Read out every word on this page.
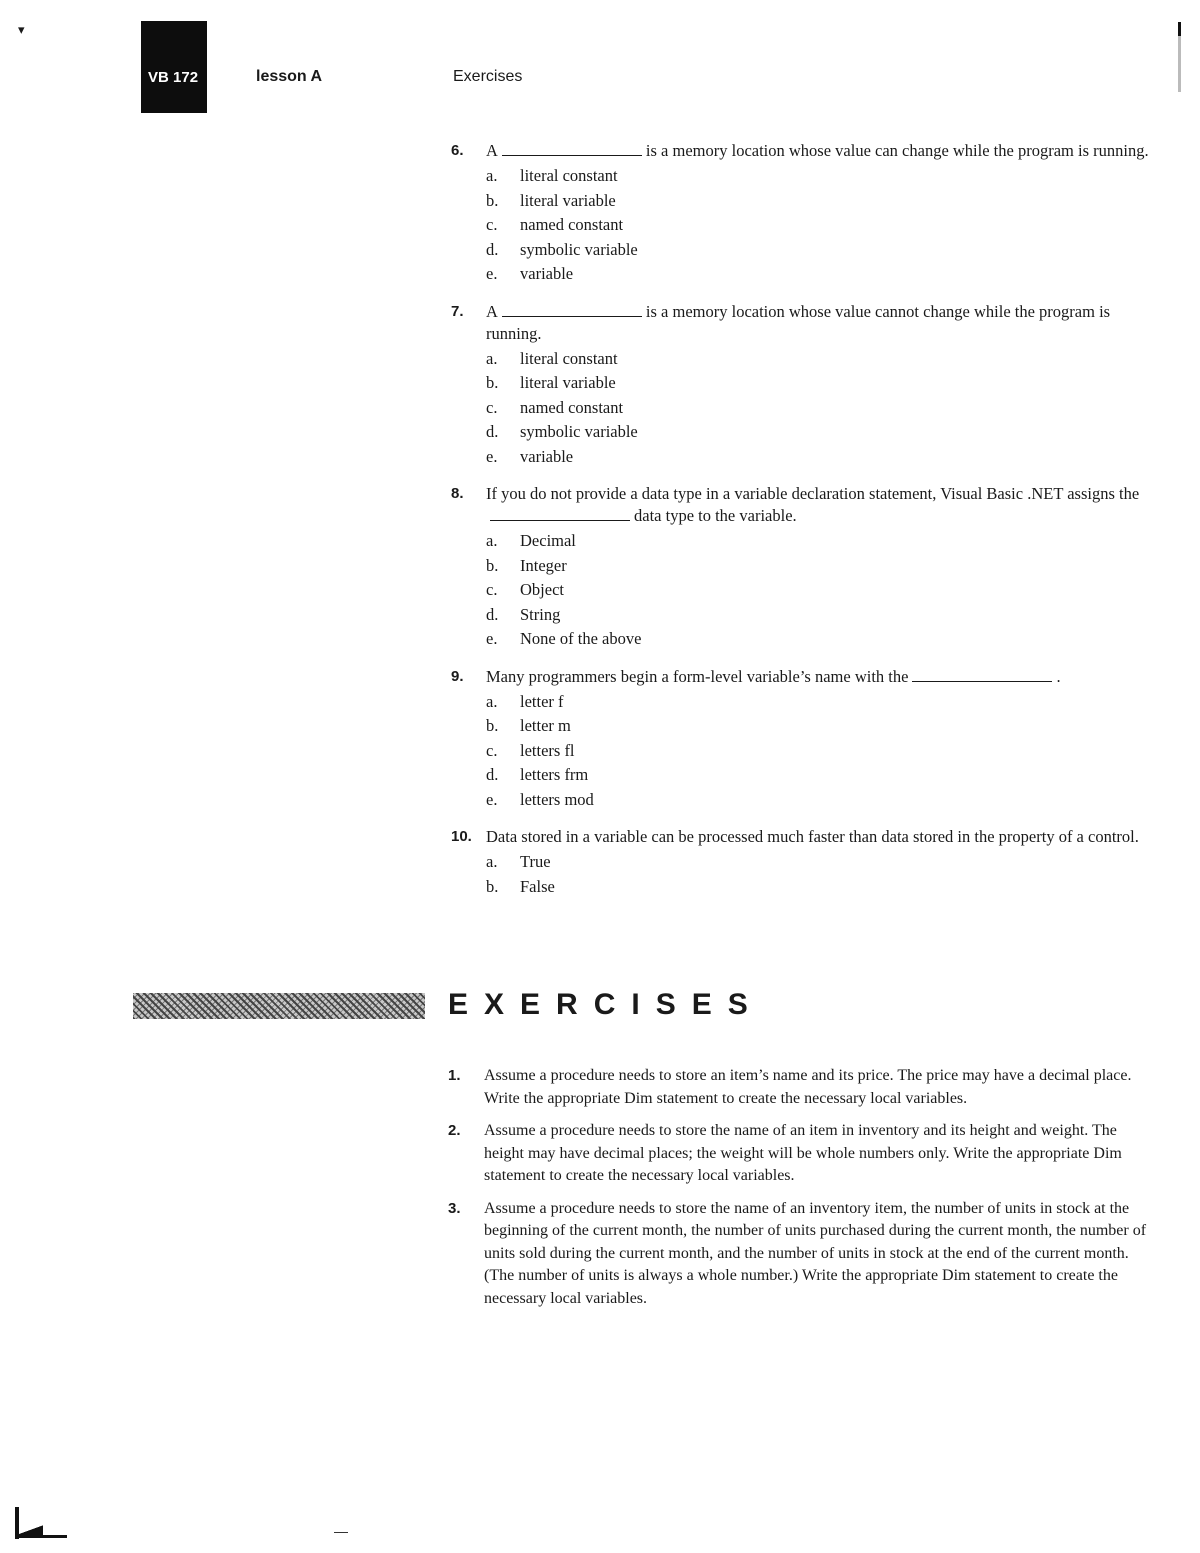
▾
VB 172	lesson A	Exercises
6. A	is a memory location whose value can change while the program is running.
a. literal constant
b. literal variable
c. named constant
d. symbolic variable
e. variable
7. A	is a memory location whose value cannot change while the program is running.
a. literal constant
b. literal variable
c. named constant
d. symbolic variable
e. variable
8. If you do not provide a data type in a variable declaration statement, Visual Basic .NET assigns thedata type to the variable.
a. Decimal
b. Integer
c. Object
d. String
e. None of the above
9. Many programmers begin a form-level variable’s name with the	.
a. letter f
b. letter m
c. letters fl
d. letters frm
e. letters mod
10. Data stored in a variable can be processed much faster than data stored in the property of a control.
a. True
b. False
EXERCISES
1. Assume a procedure needs to store an item’s name and its price. The price may have a decimal place. Write the appropriate Dim statement to create the necessary local variables.
2. Assume a procedure needs to store the name of an item in inventory and its height and weight. The height may have decimal places; the weight will be whole numbers only. Write the appropriate Dim statement to create the necessary local variables.
3. Assume a procedure needs to store the name of an inventory item, the number of units in stock at the beginning of the current month, the number of units purchased during the current month, the number of units sold during the current month, and the number of units in stock at the end of the current month. (The number of units is always a whole number.) Write the appropriate Dim statement to create the necessary local variables.
